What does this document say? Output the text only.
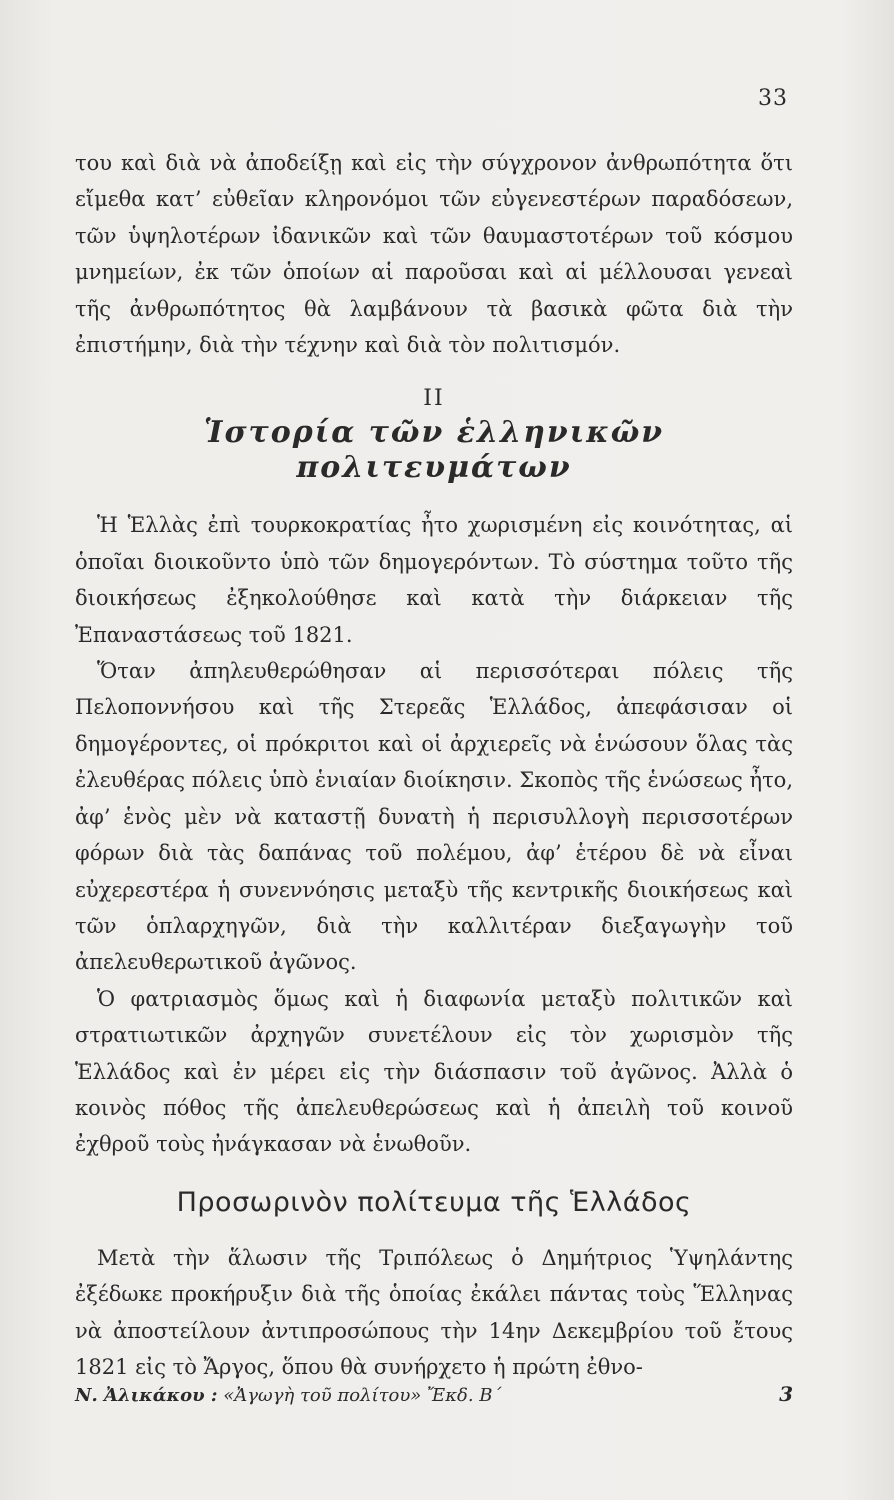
33

του καὶ διὰ νὰ ἀποδείξῃ καὶ εἰς τὴν σύγχρονον ἀνθρωπότητα ὅτι εἴμεθα κατ’ εὐθεῖαν κληρονόμοι τῶν εὐγενεστέρων παραδόσεων, τῶν ὑψηλοτέρων ἰδανικῶν καὶ τῶν θαυμαστοτέρων τοῦ κόσμου μνημείων, ἐκ τῶν ὁποίων αἱ παροῦσαι καὶ αἱ μέλλουσαι γενεαὶ τῆς ἀνθρωπότητος θὰ λαμβάνουν τὰ βασικὰ φῶτα διὰ τὴν ἐπιστήμην, διὰ τὴν τέχνην καὶ διὰ τὸν πολιτισμόν.

II
Ἱστορία τῶν ἑλληνικῶν πολιτευμάτων

Ἡ Ἑλλὰς ἐπὶ τουρκοκρατίας ἦτο χωρισμένη εἰς κοινότητας, αἱ ὁποῖαι διοικοῦντο ὑπὸ τῶν δημογερόντων. Τὸ σύστημα τοῦτο τῆς διοικήσεως ἐξηκολούθησε καὶ κατὰ τὴν διάρκειαν τῆς Ἐπαναστάσεως τοῦ 1821.

Ὅταν ἀπηλευθερώθησαν αἱ περισσότεραι πόλεις τῆς Πελοποννήσου καὶ τῆς Στερεᾶς Ἑλλάδος, ἀπεφάσισαν οἱ δημογέροντες, οἱ πρόκριτοι καὶ οἱ ἀρχιερεῖς νὰ ἑνώσουν ὅλας τὰς ἐλευθέρας πόλεις ὑπὸ ἑνιαίαν διοίκησιν. Σκοπὸς τῆς ἑνώσεως ἦτο, ἀφ’ ἑνὸς μὲν νὰ καταστῇ δυνατὴ ἡ περισυλλογὴ περισσοτέρων φόρων διὰ τὰς δαπάνας τοῦ πολέμου, ἀφ’ ἑτέρου δὲ νὰ εἶναι εὐχερεστέρα ἡ συνεννόησις μεταξὺ τῆς κεντρικῆς διοικήσεως καὶ τῶν ὁπλαρχηγῶν, διὰ τὴν καλλιτέραν διεξαγωγὴν τοῦ ἀπελευθερωτικοῦ ἀγῶνος.

Ὁ φατριασμὸς ὅμως καὶ ἡ διαφωνία μεταξὺ πολιτικῶν καὶ στρατιωτικῶν ἀρχηγῶν συνετέλουν εἰς τὸν χωρισμὸν τῆς Ἑλλάδος καὶ ἐν μέρει εἰς τὴν διάσπασιν τοῦ ἀγῶνος. Ἀλλὰ ὁ κοινὸς πόθος τῆς ἀπελευθερώσεως καὶ ἡ ἀπειλὴ τοῦ κοινοῦ ἐχθροῦ τοὺς ἠνάγκασαν νὰ ἑνωθοῦν.

Προσωρινὸν πολίτευμα τῆς Ἑλλάδος

Μετὰ τὴν ἅλωσιν τῆς Τριπόλεως ὁ Δημήτριος Ὑψηλάντης ἐξέδωκε προκήρυξιν διὰ τῆς ὁποίας ἐκάλει πάντας τοὺς Ἕλληνας νὰ ἀποστείλουν ἀντιπροσώπους τὴν 14ην Δεκεμβρίου τοῦ ἔτους 1821 εἰς τὸ Ἄργος, ὅπου θὰ συνήρχετο ἡ πρώτη ἐθνο-

Ν. Ἀλικάκου : «Ἀγωγὴ τοῦ πολίτου» Ἔκδ. Β΄	3
